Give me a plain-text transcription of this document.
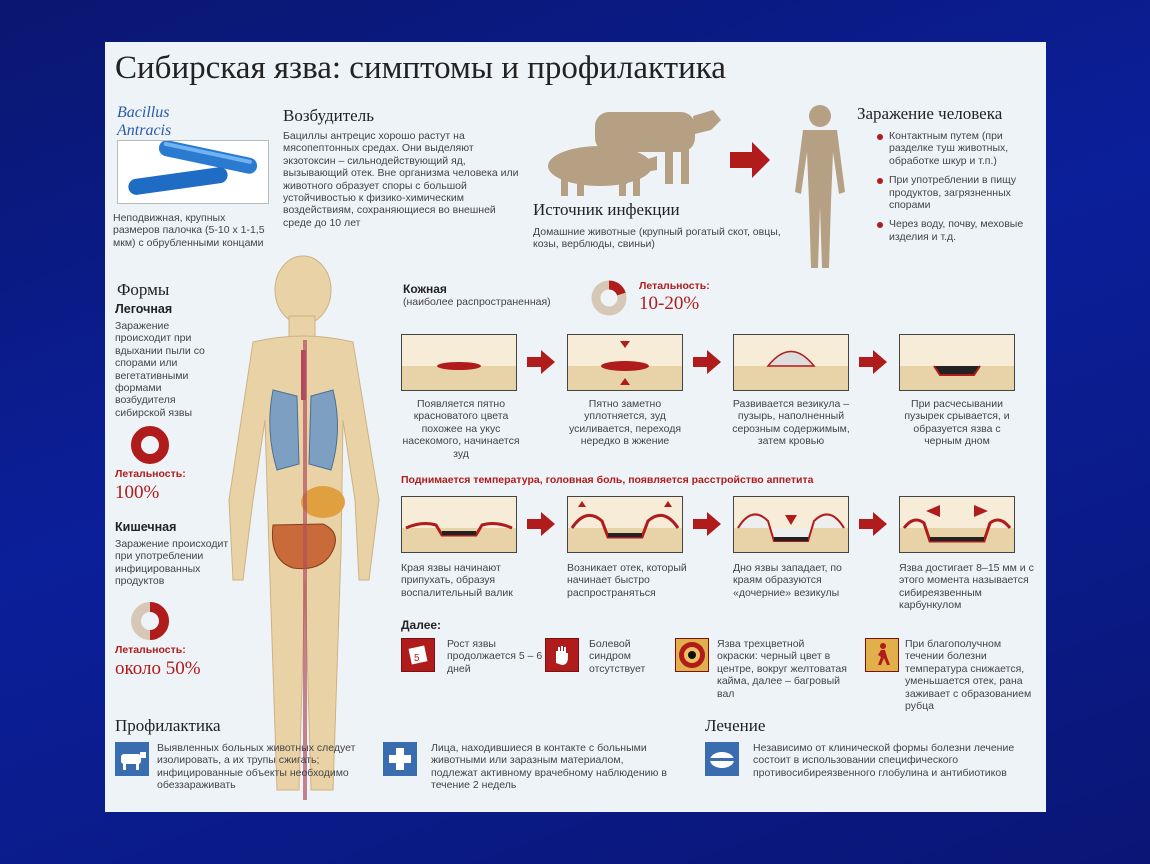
Сибирская язва: симптомы и профилактика
Bacillus
Antracis
Неподвижная, крупных размеров палочка (5-10 х 1-1,5 мкм) с обрубленными концами
Возбудитель
Бациллы антрецис хорошо растут на мясопептонных средах. Они выделяют экзотоксин – сильнодействующий яд, вызывающий отек. Вне организма человека или животного образует споры с большой устойчивостью к физико-химическим воздействиям, сохраняющиеся во внешней среде до 10 лет
Источник инфекции
Домашние животные (крупный рогатый скот, овцы, козы, верблюды, свиньи)
Заражение человека
Контактным путем (при разделке туш животных, обработке шкур и т.п.)
При употреблении в пищу продуктов, загрязненных спорами
Через воду, почву, меховые изделия и т.д.
Формы
Легочная
Заражение происходит при вдыхании пыли со спорами или вегетативными формами возбудителя сибирской язвы
Летальность:
100%
Кишечная
Заражение происходит при употреблении инфицированных продуктов
Летальность:
около 50%
Кожная
(наиболее распространенная)
Летальность:
10-20%
Появляется пятно красноватого цвета похожее на укус насекомого, начинается зуд
Пятно заметно уплотняется, зуд усиливается, переходя нередко в жжение
Развивается везикула – пузырь, наполненный серозным содержимым, затем кровью
При расчесывании пузырек срывается, и образуется язва с черным дном
Поднимается температура, головная боль, появляется расстройство аппетита
Края язвы начинают припухать, образуя воспалительный валик
Возникает отек, который начинает быстро распространяться
Дно язвы западает, по краям образуются «дочерние» везикулы
Язва достигает 8–15 мм и с этого момента называется сибиреязвенным карбункулом
Далее:
5
Рост язвы продолжается 5 – 6 дней
Болевой синдром отсутствует
Язва трехцветной окраски: черный цвет в центре, вокруг желтоватая кайма, далее – багровый вал
При благополучном течении болезни температура снижается, уменьшается отек, рана заживает с образованием рубца
Профилактика
Выявленных больных животных следует изолировать, а их трупы сжигать; инфицированные объекты необходимо обеззараживать
Лица, находившиеся в контакте с больными животными или заразным материалом, подлежат активному врачебному наблюдению в течение 2 недель
Лечение
Независимо от клинической формы болезни лечение состоит в использовании специфического противосибиреязвенного глобулина и антибиотиков
